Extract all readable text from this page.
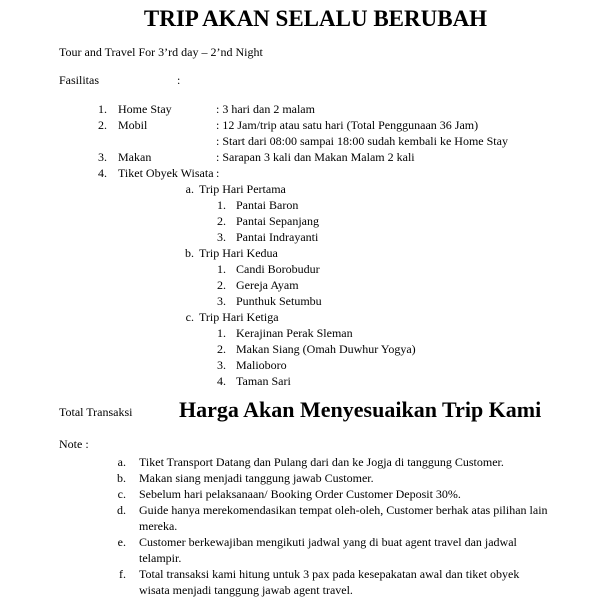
TRIP AKAN SELALU BERUBAH
Tour and Travel For 3’rd day – 2’nd Night
Fasilitas	:
1. Home Stay	: 3 hari dan 2 malam
2. Mobil	: 12 Jam/trip atau satu hari (Total Penggunaan 36 Jam)
: Start dari 08:00 sampai 18:00 sudah kembali ke Home Stay
3. Makan	: Sarapan 3 kali dan Makan Malam 2 kali
4. Tiket Obyek Wisata :
a. Trip Hari Pertama
1. Pantai Baron
2. Pantai Sepanjang
3. Pantai Indrayanti
b. Trip Hari Kedua
1. Candi Borobudur
2. Gereja Ayam
3. Punthuk Setumbu
c. Trip Hari Ketiga
1. Kerajinan Perak Sleman
2. Makan Siang (Omah Duwhur Yogya)
3. Malioboro
4. Taman Sari
Total Transaksi Harga Akan Menyesuaikan Trip Kami
Note :
a. Tiket Transport Datang dan Pulang dari dan ke Jogja di tanggung Customer.
b. Makan siang menjadi tanggung jawab Customer.
c. Sebelum hari pelaksanaan/ Booking Order Customer Deposit 30%.
d. Guide hanya merekomendasikan tempat oleh-oleh, Customer berhak atas pilihan lain
mereka.
e. Customer berkewajiban mengikuti jadwal yang di buat agent travel dan jadwal
telampir.
f. Total transaksi kami hitung untuk 3 pax pada kesepakatan awal dan tiket obyek
wisata menjadi tanggung jawab agent travel.
